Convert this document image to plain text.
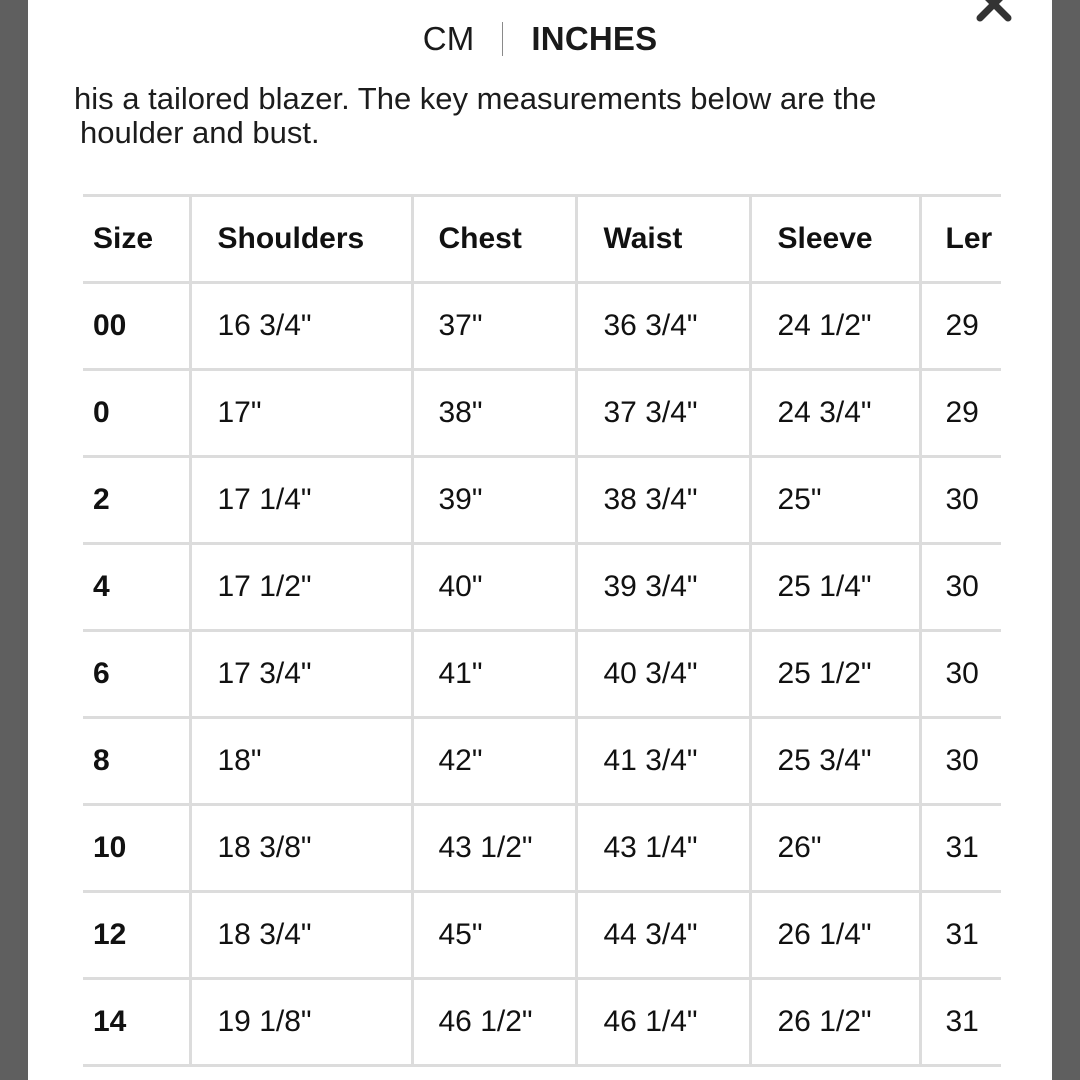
CM INCHES
his a tailored blazer. The key measurements below are the
houlder and bust.
Size	Shoulders	Chest	Waist	Sleeve	Ler
00	16 3/4"	37"	36 3/4"	24 1/2"	29
0	17"	38"	37 3/4"	24 3/4"	29
2	17 1/4"	39"	38 3/4"	25"	30
4	17 1/2"	40"	39 3/4"	25 1/4"	30
6	17 3/4"	41"	40 3/4"	25 1/2"	30
8	18"	42"	41 3/4"	25 3/4"	30
10	18 3/8"	43 1/2"	43 1/4"	26"	31
12	18 3/4"	45"	44 3/4"	26 1/4"	31
14	19 1/8"	46 1/2"	46 1/4"	26 1/2"	31
